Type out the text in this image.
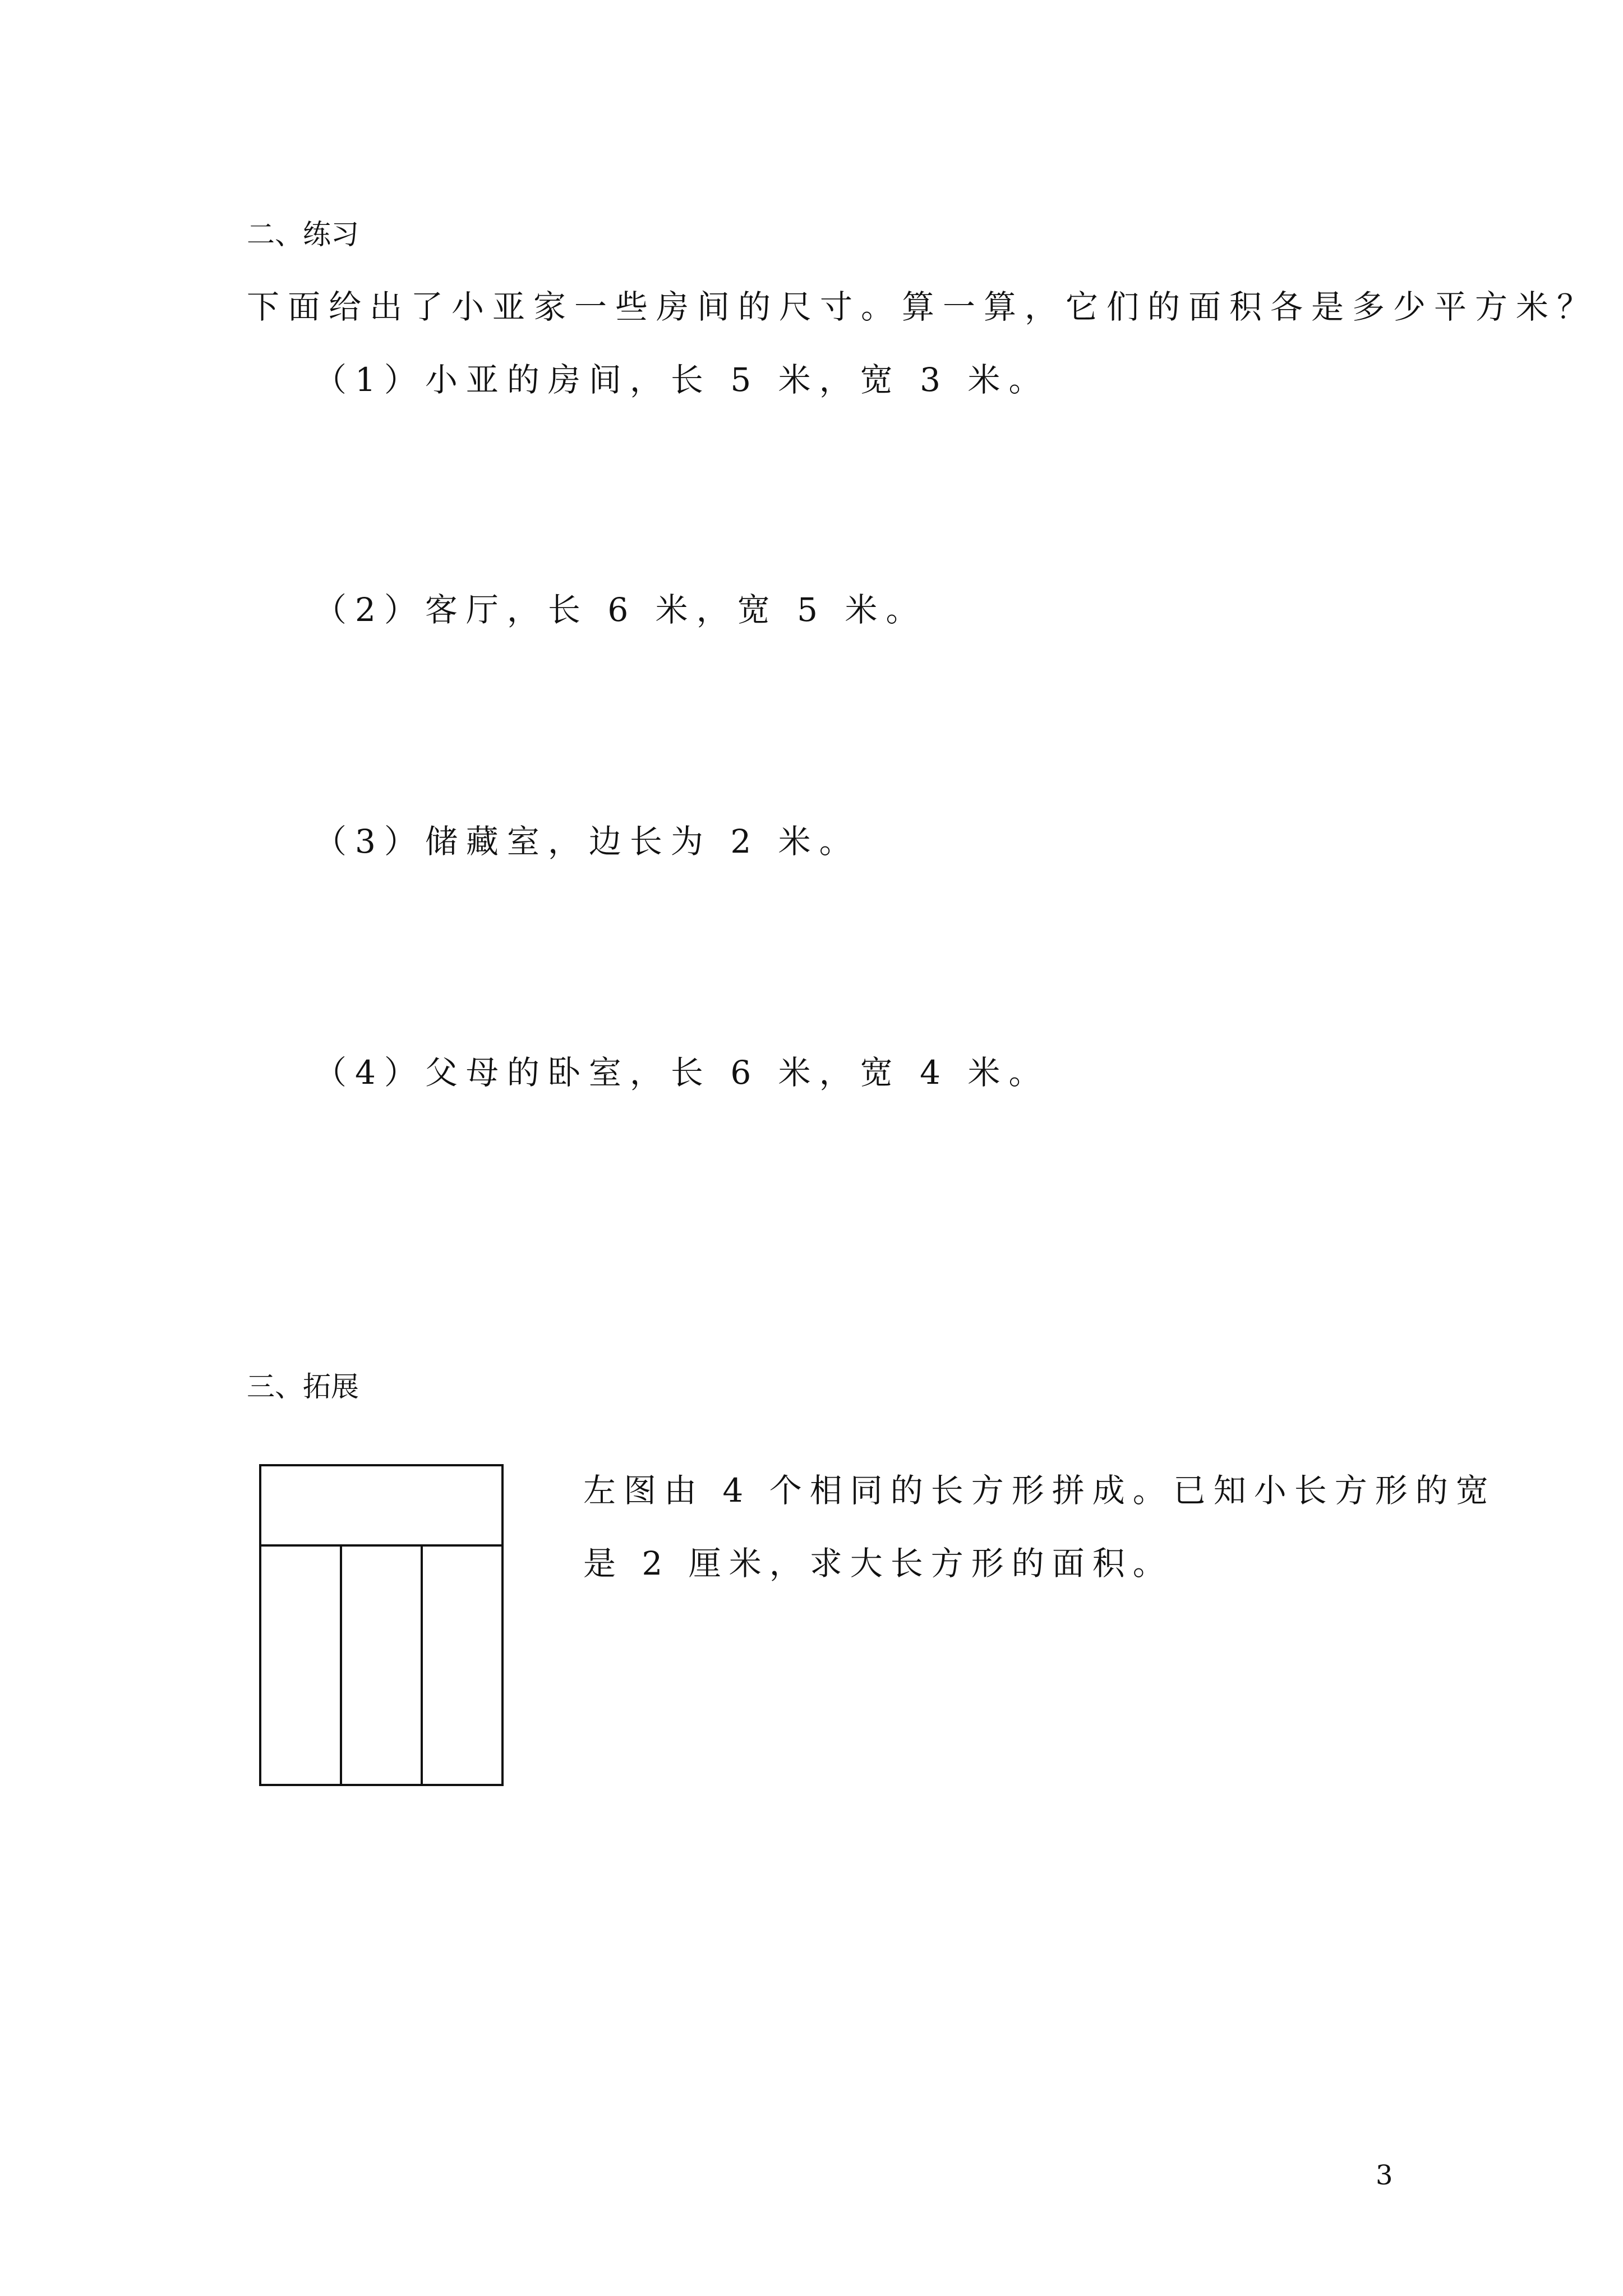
二、练习
下面给出了小亚家一些房间的尺寸。算一算，它们的面积各是多少平方米？
（1）小亚的房间，长 5 米，宽 3 米。
（2）客厅，长 6 米，宽 5 米。
（3）储藏室，边长为 2 米。
（4）父母的卧室，长 6 米，宽 4 米。
三、拓展
左图由 4 个相同的长方形拼成。已知小长方形的宽
是 2 厘米，求大长方形的面积。
3
